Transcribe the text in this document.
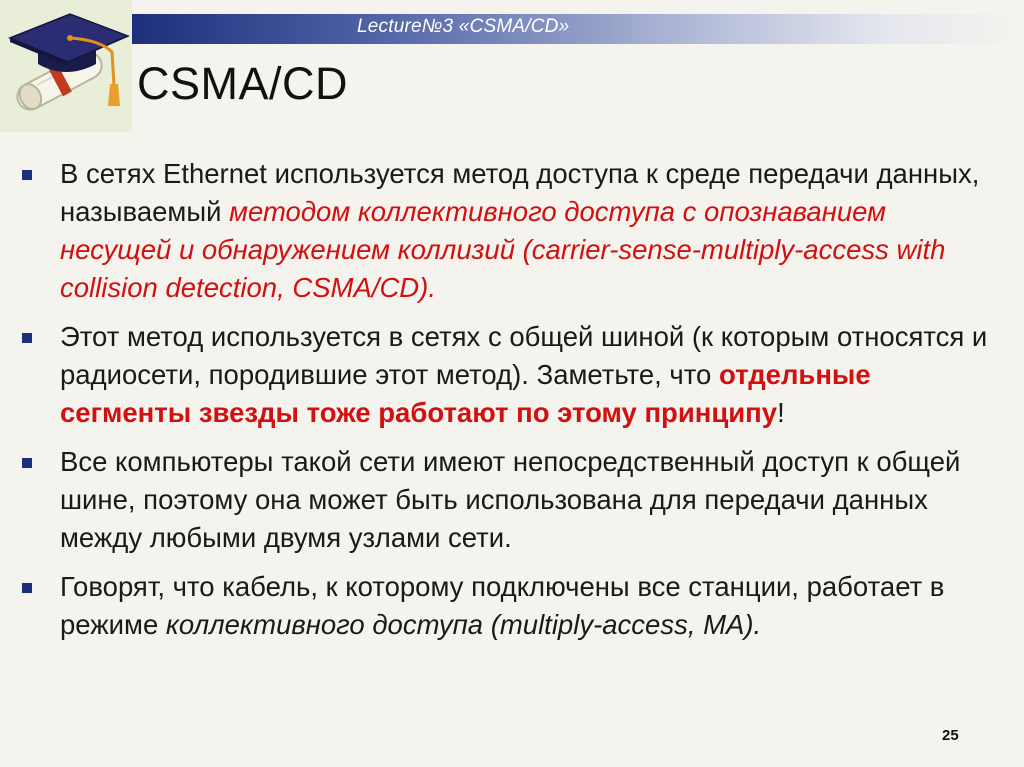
Lecture№3 «CSMA/CD»
CSMA/CD
В сетях Ethernet используется метод доступа к среде передачи данных, называемый методом коллективного доступа с опознаванием несущей и обнаружением коллизий (carrier-sense-multiply-access with collision detection, CSMA/CD).
Этот метод используется в сетях с общей шиной (к которым относятся и радиосети, породившие этот метод). Заметьте, что отдельные сегменты звезды тоже работают по этому принципу!
Все компьютеры такой сети имеют непосредственный доступ к общей шине, поэтому она может быть использована для передачи данных между любыми двумя узлами сети.
Говорят, что кабель, к которому подключены все станции, работает в режиме коллективного доступа (multiply-access, MA).
25
